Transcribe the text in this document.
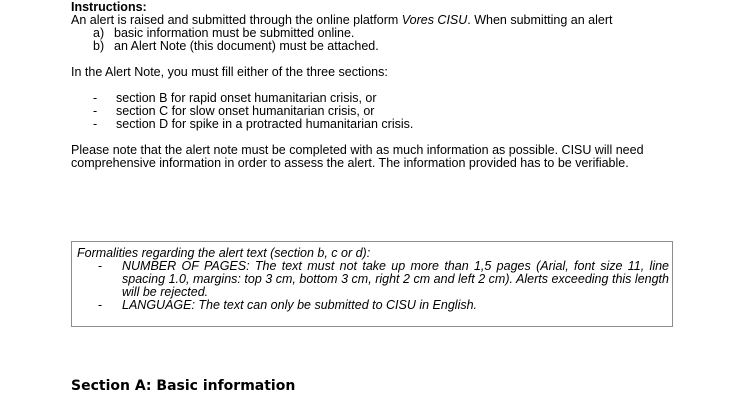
Instructions:

An alert is raised and submitted through the online platform Vores CISU. When submitting an alert

a) basic information must be submitted online.
b) an Alert Note (this document) must be attached.

In the Alert Note, you must fill either of the three sections:

-	section B for rapid onset humanitarian crisis, or
-	section C for slow onset humanitarian crisis, or
-	section D for spike in a protracted humanitarian crisis.

Please note that the alert note must be completed with as much information as possible. CISU will need comprehensive information in order to assess the alert. The information provided has to be verifiable.

Formalities regarding the alert text (section b, c or d):

-	NUMBER OF PAGES: The text must not take up more than 1,5 pages (Arial, font size 11, line spacing 1.0, margins: top 3 cm, bottom 3 cm, right 2 cm and left 2 cm). Alerts exceeding this length will be rejected.
-	LANGUAGE: The text can only be submitted to CISU in English.
Section A: Basic information
